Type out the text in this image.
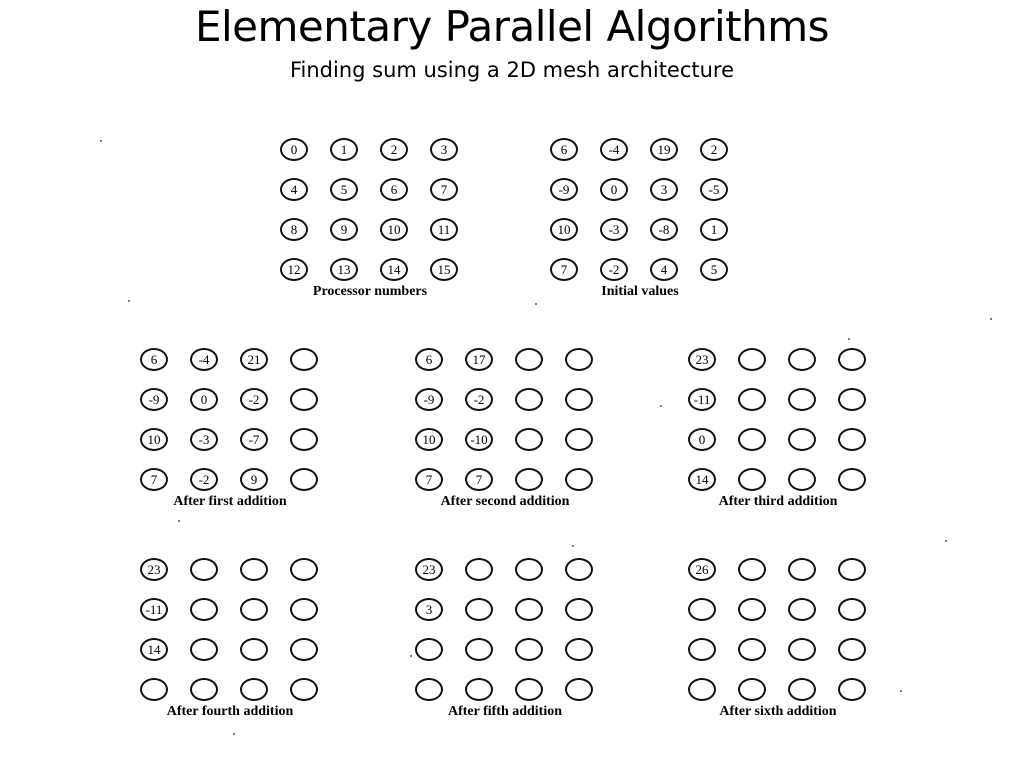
Elementary Parallel Algorithms
Finding sum using a 2D mesh architecture
0	1	2	3
4	5	6	7
8	9	10	11
12	13	14	15
Processor numbers
6	-4	19	2
-9	0	3	-5
10	-3	-8	1
7	-2	4	5
Initial values
6	-4	21
-9	0	-2
10	-3	-7
7	-2	9
After first addition
6	17
-9	-2
10	-10
7	7
After second addition
23
-11
0
14
After third addition
23
-11
14
After fourth addition
23
3
After fifth addition
26
After sixth addition
